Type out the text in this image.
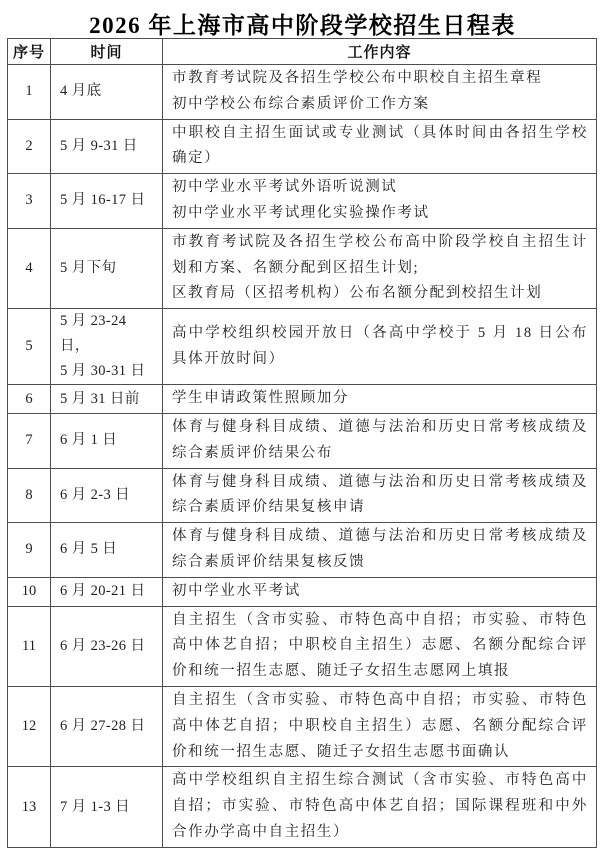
2026 年上海市高中阶段学校招生日程表
序号	时间	工作内容
1	4 月底	市教育考试院及各招生学校公布中职校自主招生章程
初中学校公布综合素质评价工作方案

2	5 月 9-31 日	中职校自主招生面试或专业测试（具体时间由各招生学校确定）

3	5 月 16-17 日	初中学业水平考试外语听说测试
初中学业水平考试理化实验操作考试

4	5 月下旬	市教育考试院及各招生学校公布高中阶段学校自主招生计划和方案、名额分配到区招生计划;
区教育局（区招考机构）公布名额分配到校招生计划

5	5 月 23-24 日，
5 月 30-31 日	高中学校组织校园开放日（各高中学校于 5 月 18 日公布具体开放时间）

6	5 月 31 日前	学生申请政策性照顾加分

7	6 月 1 日	体育与健身科目成绩、道德与法治和历史日常考核成绩及综合素质评价结果公布

8	6 月 2-3 日	体育与健身科目成绩、道德与法治和历史日常考核成绩及综合素质评价结果复核申请

9	6 月 5 日	体育与健身科目成绩、道德与法治和历史日常考核成绩及综合素质评价结果复核反馈

10	6 月 20-21 日	初中学业水平考试

11	6 月 23-26 日	自主招生（含市实验、市特色高中自招；市实验、市特色高中体艺自招；中职校自主招生）志愿、名额分配综合评价和统一招生志愿、随迁子女招生志愿网上填报

12	6 月 27-28 日	自主招生（含市实验、市特色高中自招；市实验、市特色高中体艺自招；中职校自主招生）志愿、名额分配综合评价和统一招生志愿、随迁子女招生志愿书面确认

13	7 月 1-3 日	高中学校组织自主招生综合测试（含市实验、市特色高中自招；市实验、市特色高中体艺自招；国际课程班和中外合作办学高中自主招生）
